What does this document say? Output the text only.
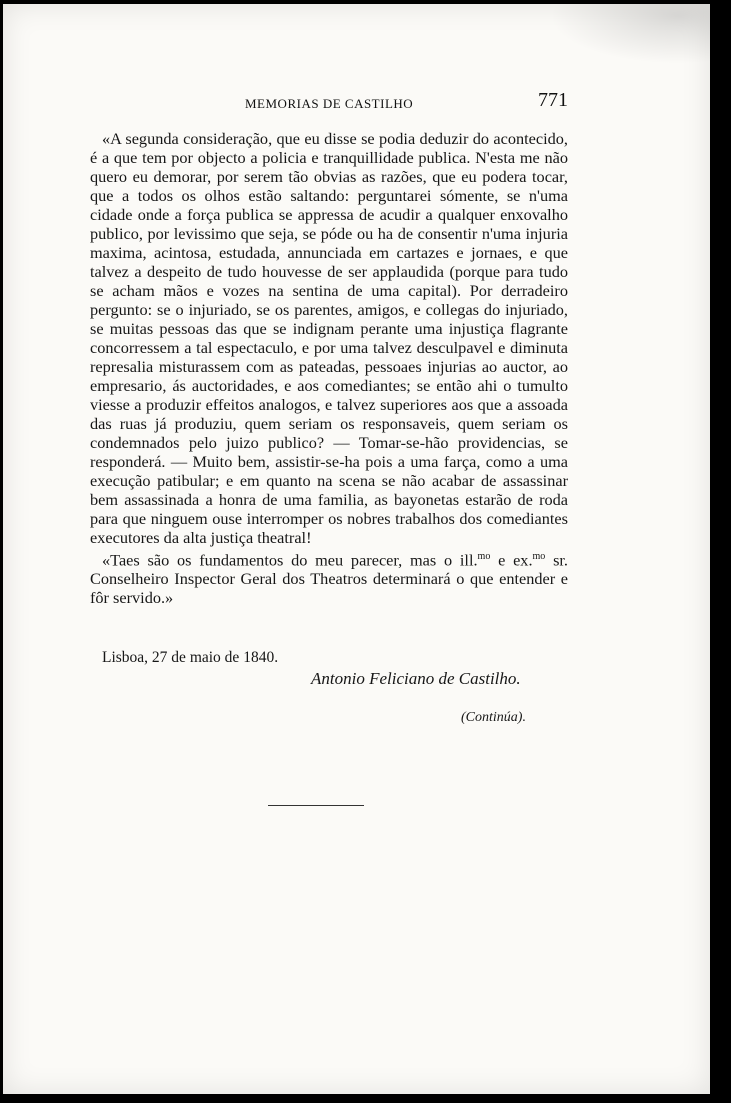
MEMORIAS DE CASTILHO	771

«A segunda consideração, que eu disse se podia deduzir do acontecido, é a que tem por objecto a policia e tranquillidade publica. N'esta me não quero eu demorar, por serem tão obvias as razões, que eu podera tocar, que a todos os olhos estão saltando: perguntarei sómente, se n'uma cidade onde a força publica se appressa de acudir a qualquer enxovalho publico, por levissimo que seja, se póde ou ha de consentir n'uma injuria maxima, acintosa, estudada, annunciada em cartazes e jornaes, e que talvez a despeito de tudo houvesse de ser applaudida (porque para tudo se acham mãos e vozes na sentina de uma capital). Por derradeiro pergunto: se o injuriado, se os parentes, amigos, e collegas do injuriado, se muitas pessoas das que se indignam perante uma injustiça flagrante concorressem a tal espectaculo, e por uma talvez desculpavel e diminuta represalia misturassem com as pateadas, pessoaes injurias ao auctor, ao empresario, ás auctoridades, e aos comediantes; se então ahi o tumulto viesse a produzir effeitos analogos, e talvez superiores aos que a assoada das ruas já produziu, quem seriam os responsaveis, quem seriam os condemnados pelo juizo publico? — Tomar-se-hão providencias, se responderá. — Muito bem, assistir-se-ha pois a uma farça, como a uma execução patibular; e em quanto na scena se não acabar de assassinar bem assassinada a honra de uma familia, as bayonetas estarão de roda para que ninguem ouse interromper os nobres trabalhos dos comediantes executores da alta justiça theatral!

«Taes são os fundamentos do meu parecer, mas o ill.$^{mo}$ e ex.$^{mo}$ sr. Conselheiro Inspector Geral dos Theatros determinará o que entender e fôr servido.»

Lisboa, 27 de maio de 1840.
Antonio Feliciano de Castilho.
(Continúa).
